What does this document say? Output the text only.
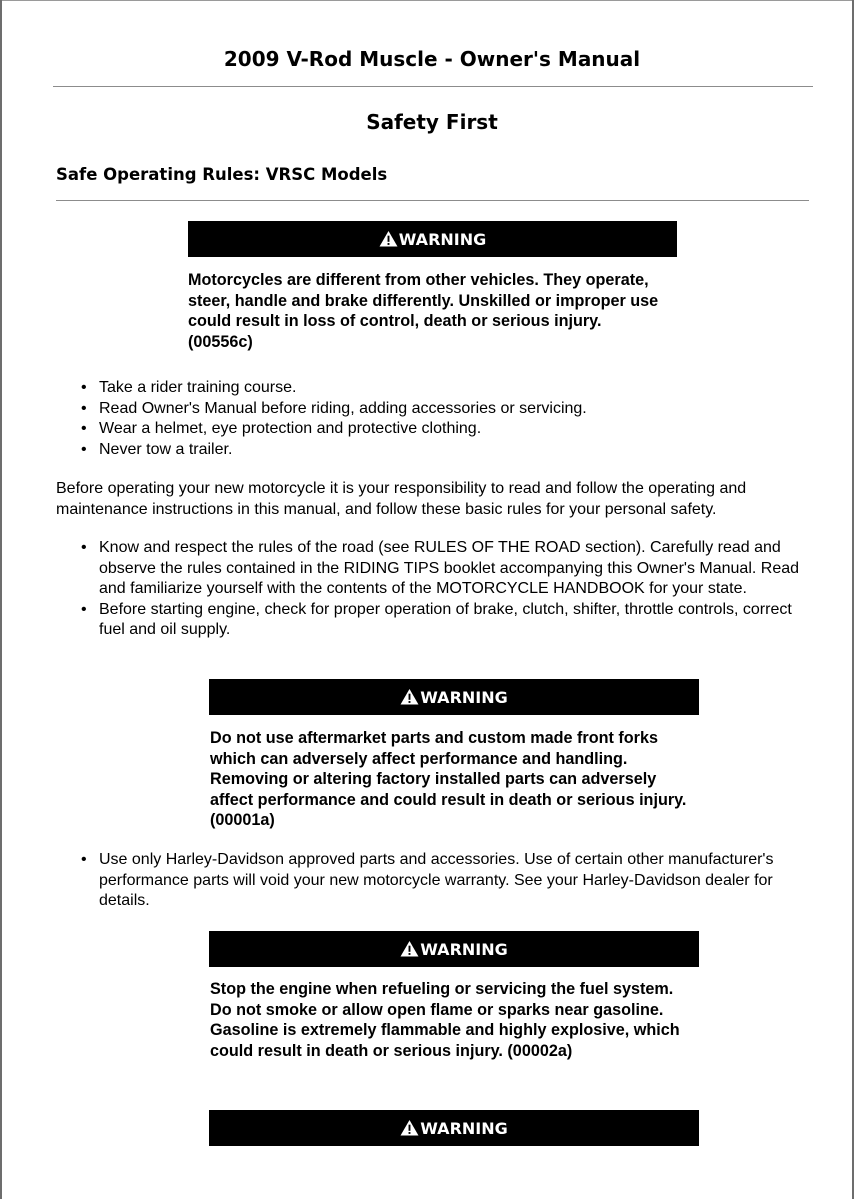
2009 V-Rod Muscle - Owner's Manual
Safety First
Safe Operating Rules: VRSC Models
WARNING

Motorcycles are different from other vehicles. They operate, steer, handle and brake differently. Unskilled or improper use could result in loss of control, death or serious injury. (00556c)

• Take a rider training course.
• Read Owner's Manual before riding, adding accessories or servicing.
• Wear a helmet, eye protection and protective clothing.
• Never tow a trailer.

Before operating your new motorcycle it is your responsibility to read and follow the operating and maintenance instructions in this manual, and follow these basic rules for your personal safety.

• Know and respect the rules of the road (see RULES OF THE ROAD section). Carefully read and observe the rules contained in the RIDING TIPS booklet accompanying this Owner's Manual. Read and familiarize yourself with the contents of the MOTORCYCLE HANDBOOK for your state.
• Before starting engine, check for proper operation of brake, clutch, shifter, throttle controls, correct fuel and oil supply.
WARNING

Do not use aftermarket parts and custom made front forks which can adversely affect performance and handling. Removing or altering factory installed parts can adversely affect performance and could result in death or serious injury. (00001a)

• Use only Harley-Davidson approved parts and accessories. Use of certain other manufacturer's performance parts will void your new motorcycle warranty. See your Harley-Davidson dealer for details.
WARNING

Stop the engine when refueling or servicing the fuel system. Do not smoke or allow open flame or sparks near gasoline. Gasoline is extremely flammable and highly explosive, which could result in death or serious injury. (00002a)

WARNING
